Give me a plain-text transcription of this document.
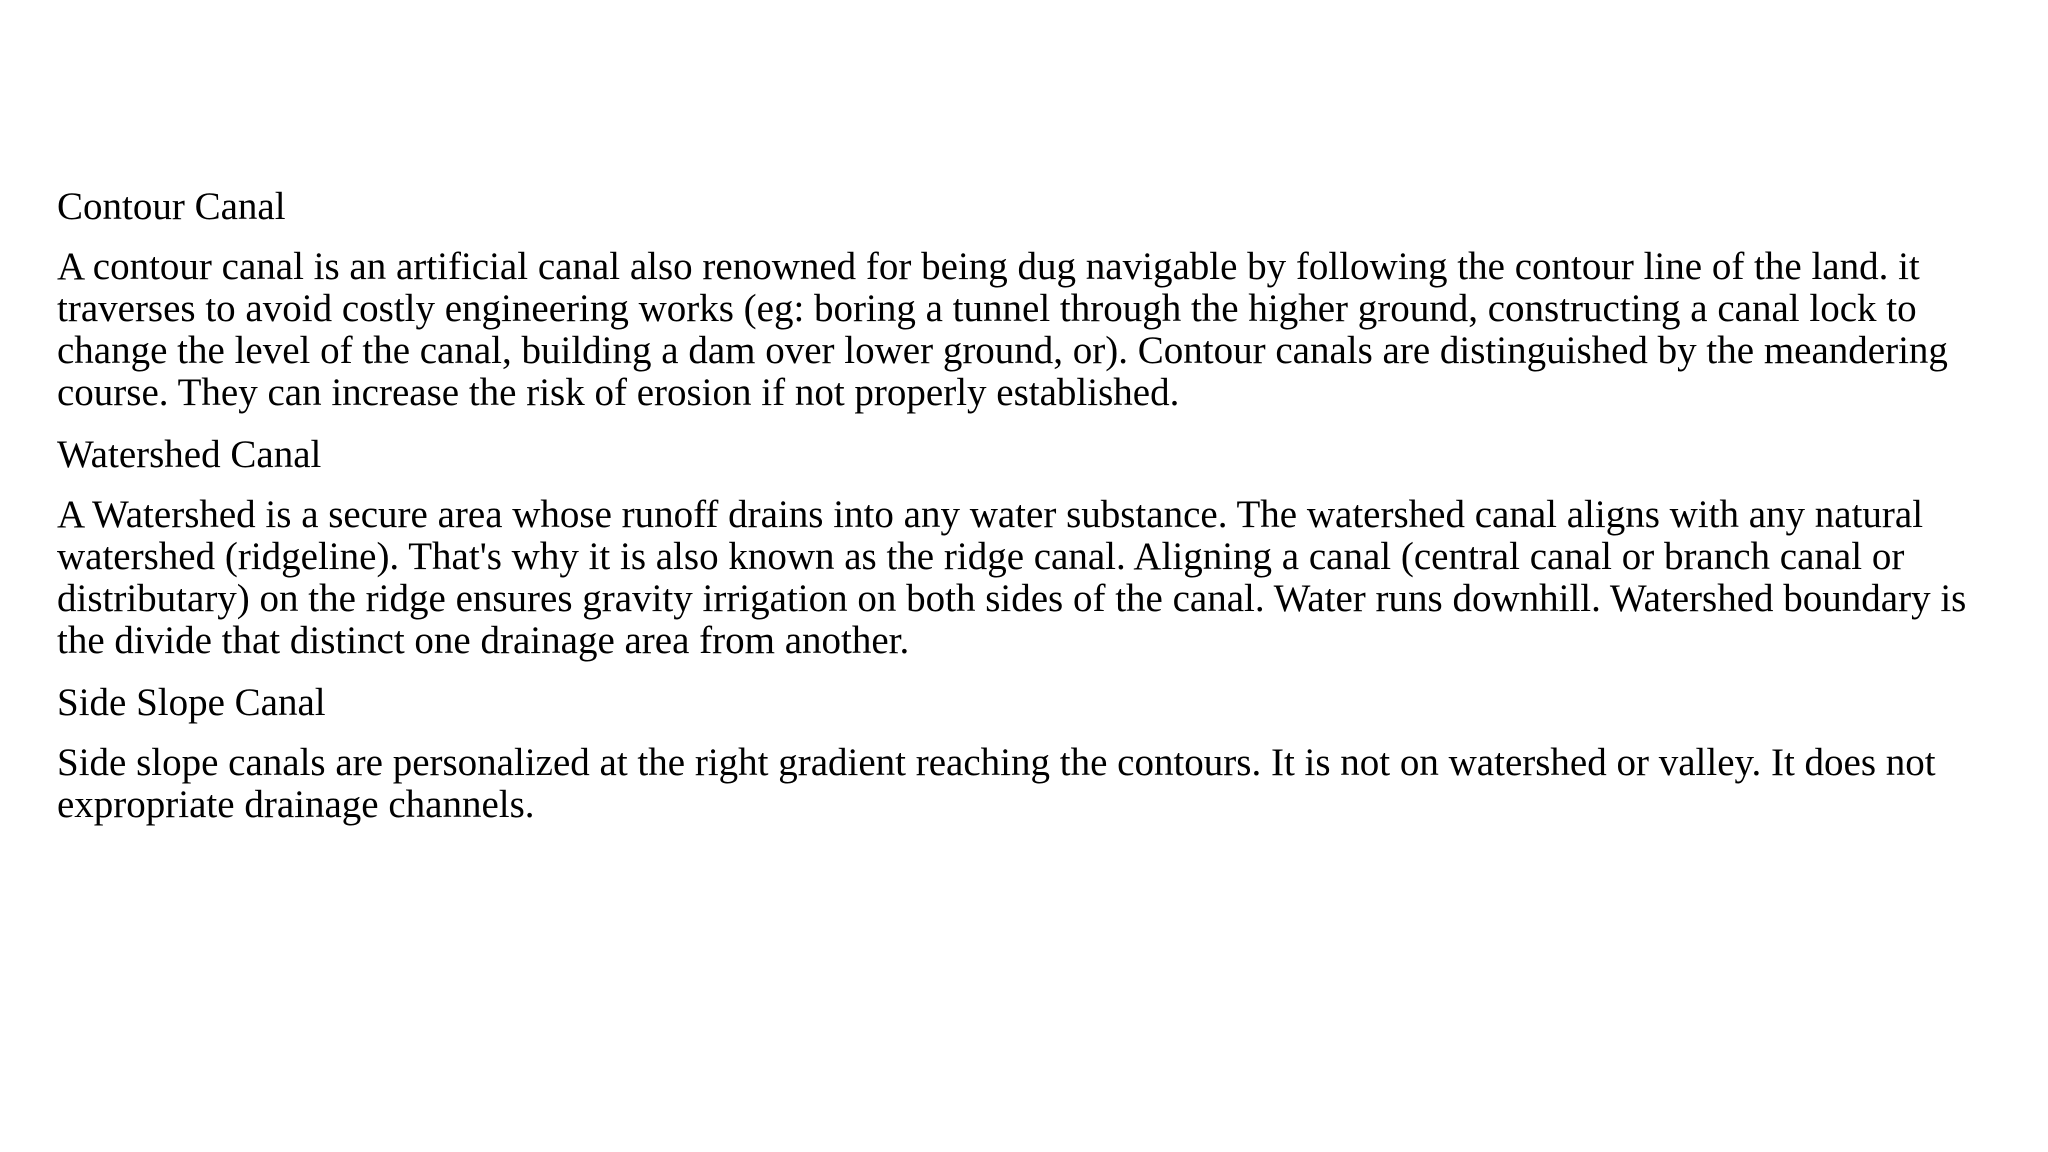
Contour Canal

A contour canal is an artificial canal also renowned for being dug navigable by following the contour line of the land. it traverses to avoid costly engineering works (eg: boring a tunnel through the higher ground, constructing a canal lock to change the level of the canal, building a dam over lower ground, or). Contour canals are distinguished by the meandering course. They can increase the risk of erosion if not properly established.

Watershed Canal

A Watershed is a secure area whose runoff drains into any water substance. The watershed canal aligns with any natural watershed (ridgeline). That's why it is also known as the ridge canal. Aligning a canal (central canal or branch canal or distributary) on the ridge ensures gravity irrigation on both sides of the canal. Water runs downhill. Watershed boundary is the divide that distinct one drainage area from another.

Side Slope Canal

Side slope canals are personalized at the right gradient reaching the contours. It is not on watershed or valley. It does not expropriate drainage channels.
